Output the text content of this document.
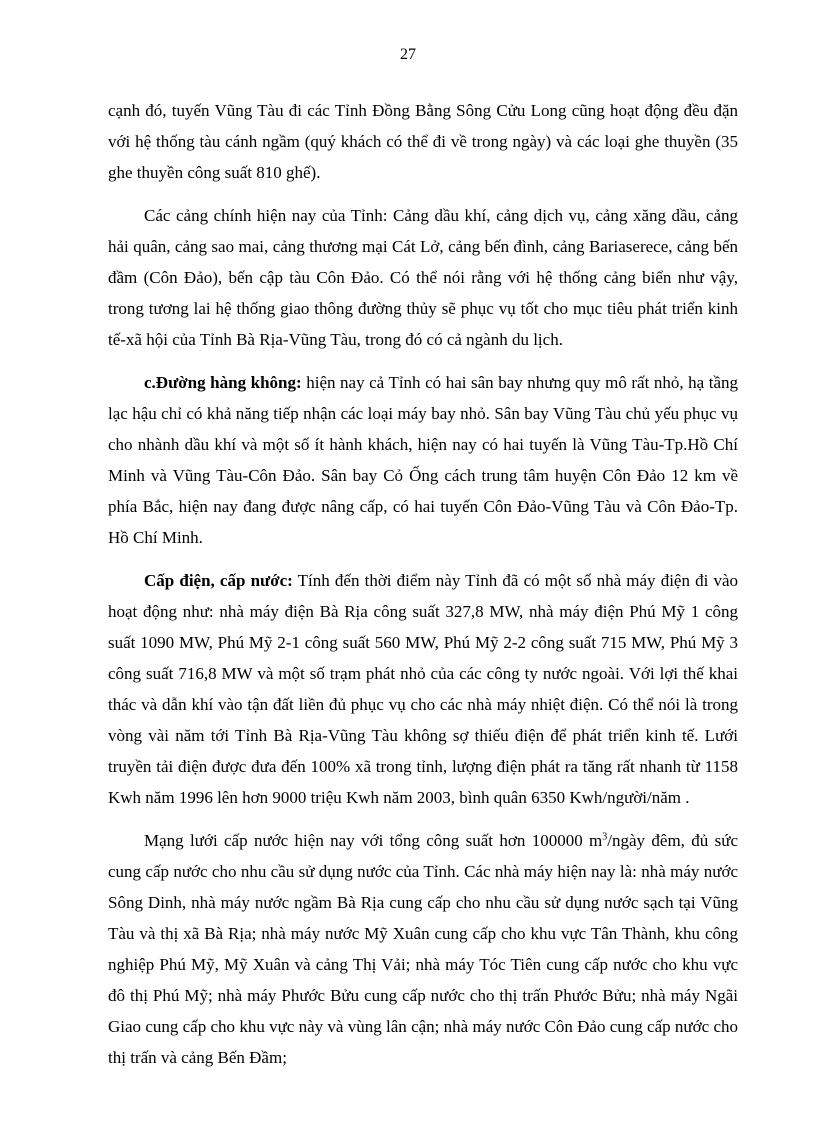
27

cạnh đó, tuyến Vũng Tàu đi các Tỉnh Đồng Bằng Sông Cửu Long cũng hoạt động đều đặn với hệ thống tàu cánh ngầm (quý khách có thể đi về trong ngày) và các loại ghe thuyền (35 ghe thuyền công suất 810 ghế).

Các cảng chính hiện nay của Tỉnh: Cảng dầu khí, cảng dịch vụ, cảng xăng dầu, cảng hải quân, cảng sao mai, cảng thương mại Cát Lở, cảng bến đình, cảng Bariaserece, cảng bến đầm (Côn Đảo), bến cập tàu Côn Đảo. Có thể nói rằng với hệ thống cảng biển như vậy, trong tương lai hệ thống giao thông đường thủy sẽ phục vụ tốt cho mục tiêu phát triển kinh tế-xã hội của Tỉnh Bà Rịa-Vũng Tàu, trong đó có cả ngành du lịch.

c.Đường hàng không: hiện nay cả Tỉnh có hai sân bay nhưng quy mô rất nhỏ, hạ tầng lạc hậu chỉ có khả năng tiếp nhận các loại máy bay nhỏ. Sân bay Vũng Tàu chủ yếu phục vụ cho nhành dầu khí và một số ít hành khách, hiện nay có hai tuyến là Vũng Tàu-Tp.Hồ Chí Minh và Vũng Tàu-Côn Đảo. Sân bay Cỏ Ống cách trung tâm huyện Côn Đảo 12 km về phía Bắc, hiện nay đang được nâng cấp, có hai tuyến Côn Đảo-Vũng Tàu và Côn Đảo-Tp. Hồ Chí Minh.

Cấp điện, cấp nước: Tính đến thời điểm này Tỉnh đã có một số nhà máy điện đi vào hoạt động như: nhà máy điện Bà Rịa công suất 327,8 MW, nhà máy điện Phú Mỹ 1 công suất 1090 MW, Phú Mỹ 2-1 công suất 560 MW, Phú Mỹ 2-2 công suất 715 MW, Phú Mỹ 3 công suất 716,8 MW và một số trạm phát nhỏ của các công ty nước ngoài. Với lợi thế khai thác và dẫn khí vào tận đất liền đủ phục vụ cho các nhà máy nhiệt điện. Có thể nói là trong vòng vài năm tới Tỉnh Bà Rịa-Vũng Tàu không sợ thiếu điện để phát triển kinh tế. Lưới truyền tải điện được đưa đến 100% xã trong tỉnh, lượng điện phát ra tăng rất nhanh từ 1158 Kwh năm 1996 lên hơn 9000 triệu Kwh năm 2003, bình quân 6350 Kwh/người/năm .

Mạng lưới cấp nước hiện nay với tổng công suất hơn 100000 $m^3$/ngày đêm, đủ sức cung cấp nước cho nhu cầu sử dụng nước của Tỉnh. Các nhà máy hiện nay là: nhà máy nước Sông Dinh, nhà máy nước ngầm Bà Rịa cung cấp cho nhu cầu sử dụng nước sạch tại Vũng Tàu và thị xã Bà Rịa; nhà máy nước Mỹ Xuân cung cấp cho khu vực Tân Thành, khu công nghiệp Phú Mỹ, Mỹ Xuân và cảng Thị Vải; nhà máy Tóc Tiên cung cấp nước cho khu vực đô thị Phú Mỹ; nhà máy Phước Bửu cung cấp nước cho thị trấn Phước Bửu; nhà máy Ngãi Giao cung cấp cho khu vực này và vùng lân cận; nhà máy nước Côn Đảo cung cấp nước cho thị trấn và cảng Bến Đầm;
